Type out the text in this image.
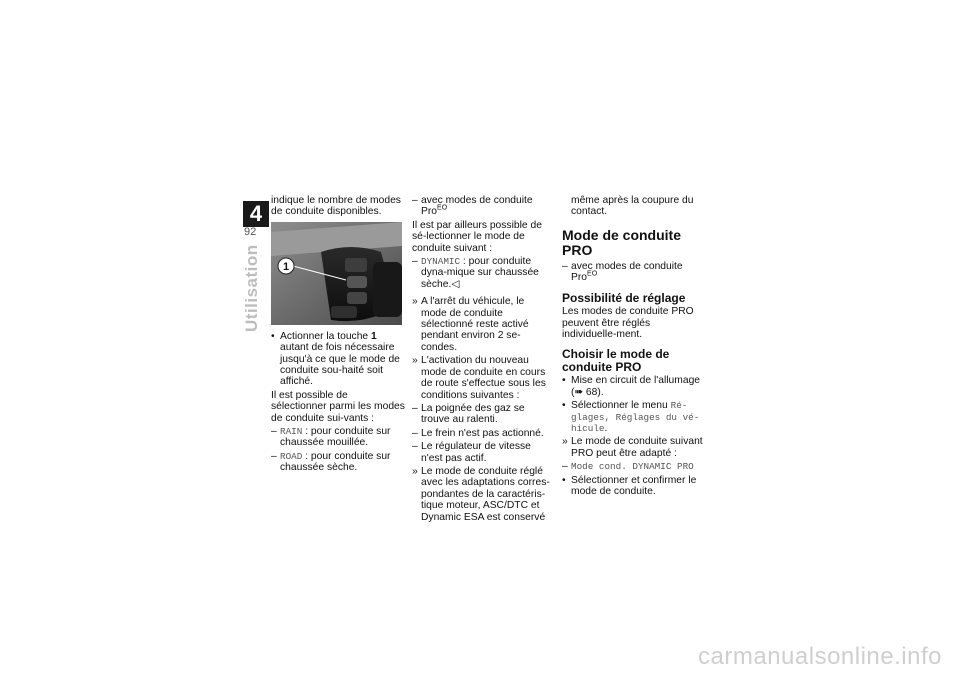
4
92
Utilisation

indique le nombre de modes de conduite disponibles.

1
• Actionner la touche 1 autant de fois nécessaire jusqu'à ce que le mode de conduite sou-haité soit affiché.

Il est possible de sélectionner parmi les modes de conduite sui-vants :

– RAIN : pour conduite sur chaussée mouillée.
– ROAD : pour conduite sur chaussée sèche.
– avec modes de conduite Pro$^{EO}$

Il est par ailleurs possible de sé-lectionner le mode de conduite suivant :

– DYNAMIC : pour conduite dyna-mique sur chaussée sèche.◁
» A l'arrêt du véhicule, le mode de conduite sélectionné reste activé pendant environ 2 se-condes.
» L'activation du nouveau mode de conduite en cours de route s'effectue sous les conditions suivantes :
– La poignée des gaz se trouve au ralenti.
– Le frein n'est pas actionné.
– Le régulateur de vitesse n'est pas actif.
» Le mode de conduite réglé avec les adaptations corres-pondantes de la caractéris-tique moteur, ASC/DTC et Dynamic ESA est conservé

même après la coupure du contact.

Mode de conduite PRO
– avec modes de conduite Pro$^{EO}$
Possibilité de réglage

Les modes de conduite PRO peuvent être réglés individuelle-ment.

Choisir le mode de conduite PRO
• Mise en circuit de l'allumage
(➠ 68).
• Sélectionner le menu Ré-glages, Réglages du vé-hicule.
» Le mode de conduite suivant PRO peut être adapté :
– Mode cond. DYNAMIC PRO
• Sélectionner et confirmer le mode de conduite.
carmanualsonline.info
